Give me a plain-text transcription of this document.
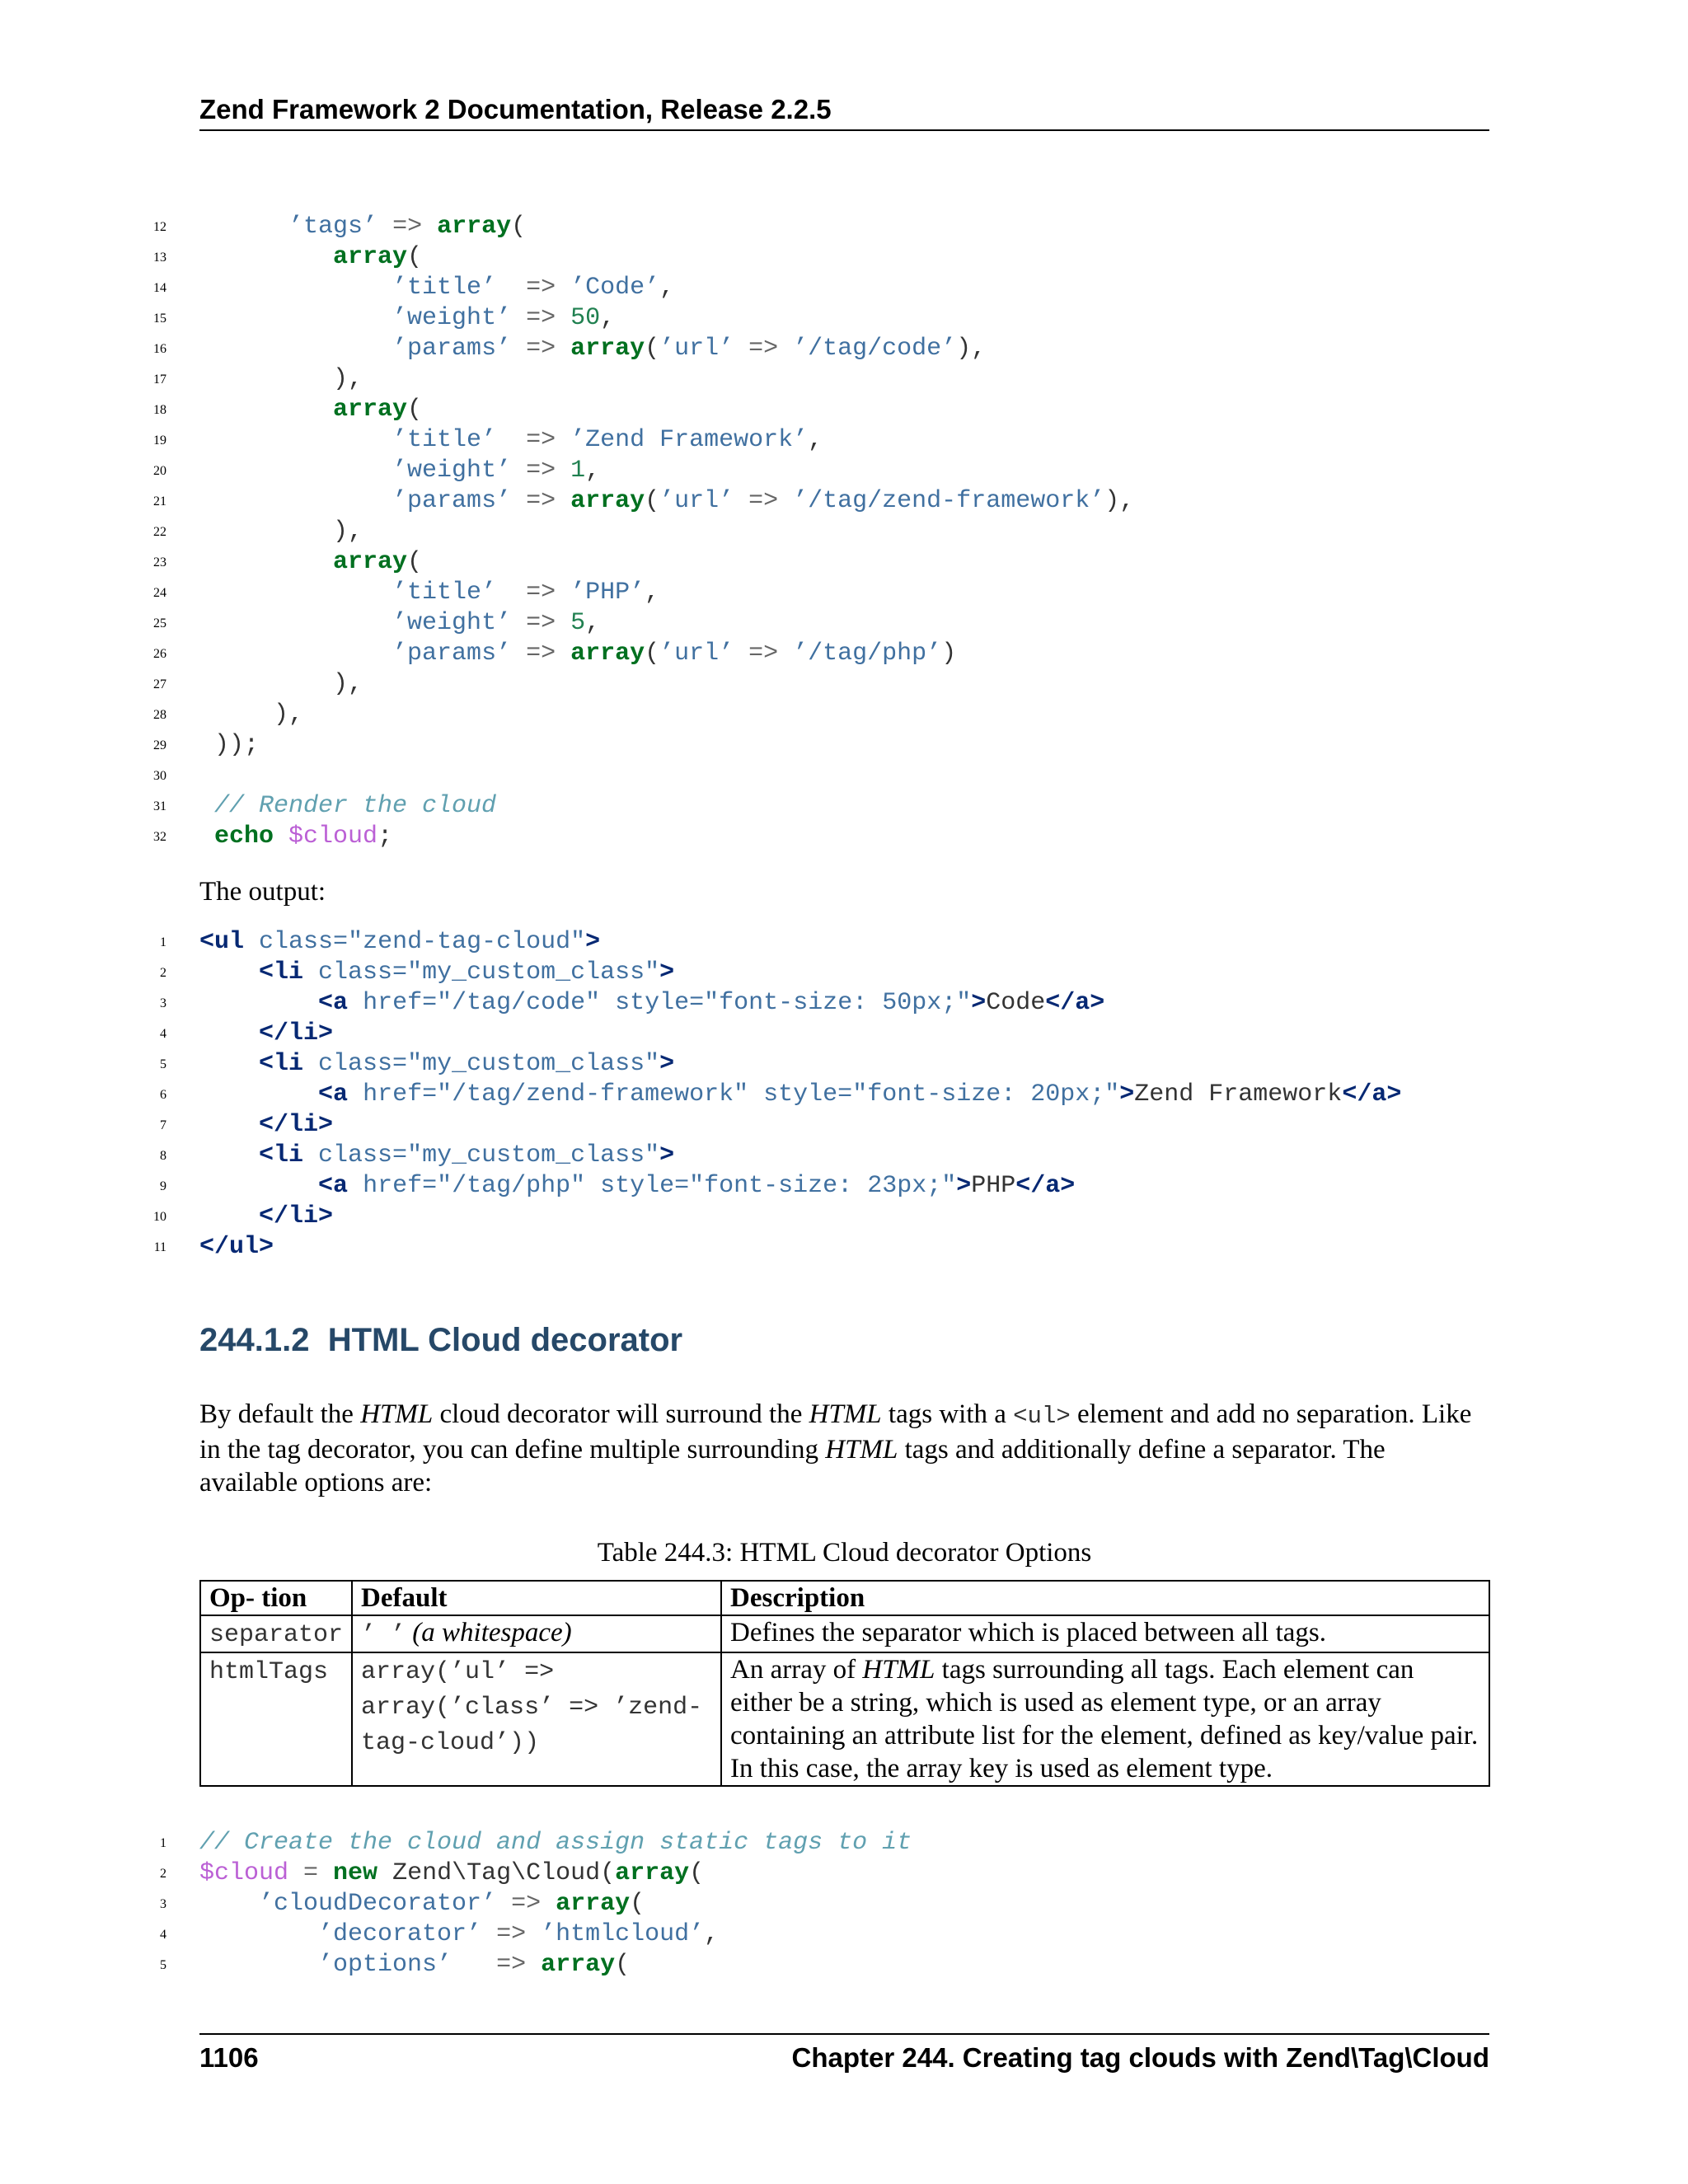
Zend Framework 2 Documentation, Release 2.2.5
12	’tags’ => array(
13	array(
14	’title’  => ’Code’,
15	’weight’ => 50,
16	’params’ => array(’url’ => ’/tag/code’),
17 ),
18	array(
19	’title’  => ’Zend Framework’,
20	’weight’ => 1,
21	’params’ => array(’url’ => ’/tag/zend-framework’),
22 ),
23	array(
24	’title’  => ’PHP’,
25	’weight’ => 5,
26	’params’ => array(’url’ => ’/tag/php’)
27 ),
28 ),
29 ));
30
31 // Render the cloud
32	echo $cloud;
The output:
1 <ul class="zend-tag-cloud">
2	<li class="my_custom_class">
3	<a href="/tag/code" style="font-size: 50px;">Code</a>
4	</li>
5	<li class="my_custom_class">
6	<a href="/tag/zend-framework" style="font-size: 20px;">Zend Framework</a>
7	</li>
8	<li class="my_custom_class">
9	<a href="/tag/php" style="font-size: 23px;">PHP</a>
10	</li>
11 </ul>
244.1.2 HTML Cloud decorator
By default the HTML cloud decorator will surround the HTML tags with a <ul> element and add no separation. Like in the tag decorator, you can define multiple surrounding HTML tags and additionally define a separator. The available options are:
Table 244.3: HTML Cloud decorator Options
Op- tion	Default	Description
separator	’ ’ (a whitespace)	Defines the separator which is placed between all tags.
htmlTags	array(’ul’ => array(’class’ => ’zend-tag-cloud’))	An array of HTML tags surrounding all tags. Each element can either be a string, which is used as element type, or an array containing an attribute list for the element, defined as key/value pair. In this case, the array key is used as element type.
1 // Create the cloud and assign static tags to it
2 $cloud = new Zend\Tag\Cloud(array(
3	’cloudDecorator’ => array(
4	’decorator’ => ’htmlcloud’,
5	’options’   => array(
1106	Chapter 244. Creating tag clouds with Zend\Tag\Cloud
